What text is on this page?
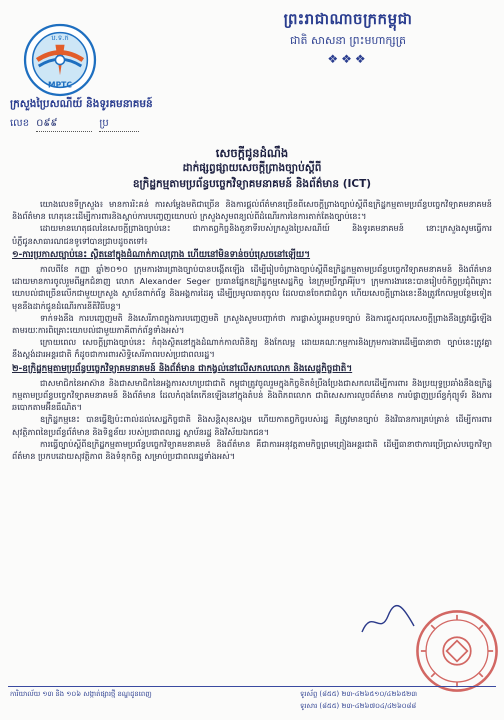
ប.ទ.ក
MPTC
ព្រះរាជាណាចក្រកម្ពុជា
ជាតិ សាសនា ព្រះមហាក្សត្រ
❖❖❖
ក្រសួងប្រៃសណីយ៍ និងទូរគមនាគមន៍
លេខ ០៩៩	ប្រ
សេចក្ដីជូនដំណឹង
ដាក់ផ្សព្វផ្សាយសេចក្ដីព្រាងច្បាប់ស្ដីពី
ឧក្រិដ្ឋកម្មតាមប្រព័ន្ធបច្ចេកវិទ្យាគមនាគមន៍ និងព័ត៌មាន (ICT)

យោងលេខទីក្រសួង៖ មានការរិះគន់ ការសម្ដែងមតិជាច្រើន និងការផ្ដល់ព័ត៌មានច្រើនពីសេចក្ដីព្រាងច្បាប់ស្ដីពីឧក្រិដ្ឋកម្មតាមប្រព័ន្ធបច្ចេកវិទ្យាគមនាគមន៍ និងព័ត៌មាន ហេតុនេះដើម្បីការពារនិងស្ដាប់ការបញ្ចេញយោបល់ ក្រសួងសូមពន្យល់ពីដំណើរការនៃការតាក់តែងច្បាប់នេះ។

ដោយមានហេតុផលនៃសេចក្ដីព្រាងច្បាប់នេះ ជាកាតព្វកិច្ចនិងតួនាទីរបស់ក្រសួងប្រៃសណីយ៍ និងទូរគមនាគមន៍ នោះក្រសួងសូមធ្វើការបំភ្លឺជូនសាធារណជនទូទៅបានជ្រាបដូចតទៅ៖

១-ការប្រកាសច្បាប់នេះ ស្ថិតនៅក្នុងដំណាក់កាលព្រាង ហើយនៅមិនទាន់ចប់ស្រេចនៅឡើយ។

កាលពីខែ កញ្ញា ឆ្នាំ២០១០ ក្រុមការងារព្រាងច្បាប់បានបង្កើតឡើង ដើម្បីរៀបចំព្រាងច្បាប់ស្ដីពីឧក្រិដ្ឋកម្មតាមប្រព័ន្ធបច្ចេកវិទ្យាគមនាគមន៍ និងព័ត៌មាន ដោយមានការចូលរួមពីអ្នកជំនាញ លោក Alexander Seger ប្រធានផ្នែកឧក្រិដ្ឋកម្មសេដ្ឋកិច្ច នៃក្រុមប្រឹក្សាអឺរ៉ុប។ ក្រុមការងារនេះបានរៀបចំកិច្ចប្រជុំពិគ្រោះយោបល់ជាច្រើនលើកជាមួយក្រសួង ស្ថាប័នពាក់ព័ន្ធ និងអង្គការដៃគូ ដើម្បីប្រមូលធាតុចូល ដែលបានចែកជាជំពូក ហើយសេចក្ដីព្រាងនេះនឹងត្រូវកែលម្អបន្ថែមទៀតមុននឹងដាក់ជូនដំណើរការនីតិវិធីបន្ត។

ទាក់ទងនឹង ការបញ្ចេញមតិ និងសេរីភាពក្នុងការបញ្ចេញមតិ ក្រសួងសូមបញ្ជាក់ថា ការផ្លាស់ប្ដូរអត្ថបទច្បាប់ និងការជួសជុលសេចក្ដីព្រាងនឹងត្រូវធ្វើឡើងតាមរយៈការពិគ្រោះយោបល់ជាមួយភាគីពាក់ព័ន្ធទាំងអស់។

ក្រោយពេល សេចក្ដីព្រាងច្បាប់នេះ កំពុងស្ថិតនៅក្នុងដំណាក់កាលពិនិត្យ និងកែលម្អ ដោយគណៈកម្មការនិងក្រុមការងារដើម្បីធានាថា ច្បាប់នេះត្រូវគ្នានឹងស្ដង់ដារអន្តរជាតិ ក៏ដូចជាការពារសិទ្ធិសេរីភាពរបស់ប្រជាពលរដ្ឋ។

២-ឧក្រិដ្ឋកម្មតាមប្រព័ន្ធបច្ចេកវិទ្យាគមនាគមន៍ និងព័ត៌មាន ជាកង្វល់នៅលើសកលលោក និងសេដ្ឋកិច្ចជាតិ។

ជាសមាជិកនៃអាស៊ាន និងជាសមាជិកនៃអង្គការសហប្រជាជាតិ កម្ពុជាត្រូវចូលរួមក្នុងកិច្ចខិតខំប្រឹងប្រែងជាសកលដើម្បីការពារ និងប្រយុទ្ធប្រឆាំងនឹងឧក្រិដ្ឋកម្មតាមប្រព័ន្ធបច្ចេកវិទ្យាគមនាគមន៍ និងព័ត៌មាន ដែលកំពុងតែកើនឡើងនៅក្នុងតំបន់ និងពិភពលោក ជាពិសេសការលួចព័ត៌មាន ការបំផ្លាញប្រព័ន្ធកុំព្យូទ័រ និងការឆបោកតាមអ៊ីនធឺណិត។

ឧក្រិដ្ឋកម្មនេះ បានធ្វើឱ្យប៉ះពាល់ដល់សេដ្ឋកិច្ចជាតិ និងសន្តិសុខសង្គម ហើយកាតព្វកិច្ចរបស់រដ្ឋ គឺត្រូវមានច្បាប់ និងវិធានការគ្រប់គ្រាន់ ដើម្បីការពារសុវត្ថិភាពនៃប្រព័ន្ធព័ត៌មាន និងទិន្នន័យ របស់ប្រជាពលរដ្ឋ ស្ថាប័នរដ្ឋ និងវិស័យឯកជន។

ការធ្វើច្បាប់ស្ដីពីឧក្រិដ្ឋកម្មតាមប្រព័ន្ធបច្ចេកវិទ្យាគមនាគមន៍ និងព័ត៌មាន គឺជាការអនុវត្តតាមកិច្ចព្រមព្រៀងអន្តរជាតិ ដើម្បីធានាថាការប្រើប្រាស់បច្ចេកវិទ្យាព័ត៌មាន ប្រកបដោយសុវត្ថិភាព និងទំនុកចិត្ត សម្រាប់ប្រជាពលរដ្ឋទាំងអស់។

ការិយាល័យ ១៣ និង ១០៦ សង្កាត់ផ្សារថ្មី ខណ្ឌដូនពេញ	ទូរស័ព្ទ (៨៥៥) ២៣-៤២៦៥១០/៤២៦៥២៣
ទូរសារ (៨៥៥) ២៣-៤២៦៧០៤/៤២៦០៨៨
